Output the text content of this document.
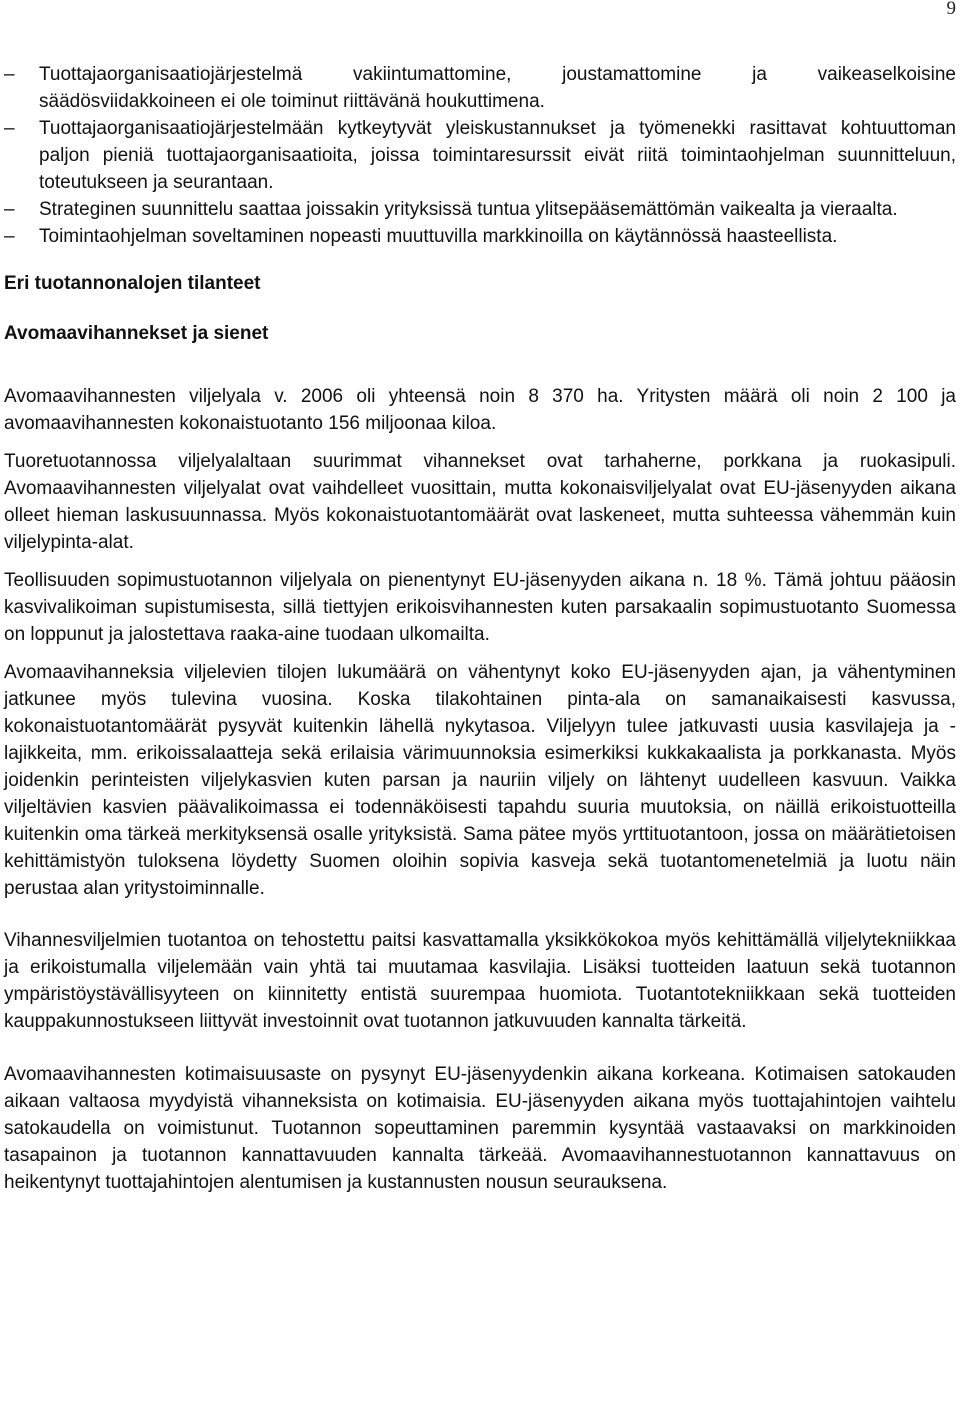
9
– Tuottajaorganisaatiojärjestelmä vakiintumattomine, joustamattomine ja vaikeaselkoisine säädösviidakkoineen ei ole toiminut riittävänä houkuttimena.
– Tuottajaorganisaatiojärjestelmään kytkeytyvät yleiskustannukset ja työmenekki rasittavat kohtuuttoman paljon pieniä tuottajaorganisaatioita, joissa toimintaresurssit eivät riitä toimintaohjelman suunnitteluun, toteutukseen ja seurantaan.
– Strateginen suunnittelu saattaa joissakin yrityksissä tuntua ylitsepääsemättömän vaikealta ja vieraalta.
– Toimintaohjelman soveltaminen nopeasti muuttuvilla markkinoilla on käytännössä haasteellista.
Eri tuotannonalojen tilanteet
Avomaavihannekset ja sienet

Avomaavihannesten viljelyala v. 2006 oli yhteensä noin 8 370 ha. Yritysten määrä oli noin 2 100 ja avomaavihannesten kokonaistuotanto 156 miljoonaa kiloa.

Tuoretuotannossa viljelyalaltaan suurimmat vihannekset ovat tarhaherne, porkkana ja ruokasipuli. Avomaavihannesten viljelyalat ovat vaihdelleet vuosittain, mutta kokonaisviljelyalat ovat EU-jäsenyyden aikana olleet hieman laskusuunnassa. Myös kokonaistuotantomäärät ovat laskeneet, mutta suhteessa vähemmän kuin viljelypinta-alat.

Teollisuuden sopimustuotannon viljelyala on pienentynyt EU-jäsenyyden aikana n. 18 %. Tämä johtuu pääosin kasvivalikoiman supistumisesta, sillä tiettyjen erikoisvihannesten kuten parsakaalin sopimustuotanto Suomessa on loppunut ja jalostettava raaka-aine tuodaan ulkomailta.

Avomaavihanneksia viljelevien tilojen lukumäärä on vähentynyt koko EU-jäsenyyden ajan, ja vähentyminen jatkunee myös tulevina vuosina. Koska tilakohtainen pinta-ala on samanaikaisesti kasvussa, kokonaistuotantomäärät pysyvät kuitenkin lähellä nykytasoa. Viljelyyn tulee jatkuvasti uusia kasvilajeja ja -lajikkeita, mm. erikoissalaatteja sekä erilaisia värimuunnoksia esimerkiksi kukkakaalista ja porkkanasta. Myös joidenkin perinteisten viljelykasvien kuten parsan ja nauriin viljely on lähtenyt uudelleen kasvuun. Vaikka viljeltävien kasvien päävalikoimassa ei todennäköisesti tapahdu suuria muutoksia, on näillä erikoistuotteilla kuitenkin oma tärkeä merkityksensä osalle yrityksistä. Sama pätee myös yrttituotantoon, jossa on määrätietoisen kehittämistyön tuloksena löydetty Suomen oloihin sopivia kasveja sekä tuotantomenetelmiä ja luotu näin perustaa alan yritystoiminnalle.

Vihannesviljelmien tuotantoa on tehostettu paitsi kasvattamalla yksikkökokoa myös kehittämällä viljelytekniikkaa ja erikoistumalla viljelemään vain yhtä tai muutamaa kasvilajia. Lisäksi tuotteiden laatuun sekä tuotannon ympäristöystävällisyyteen on kiinnitetty entistä suurempaa huomiota. Tuotantotekniikkaan sekä tuotteiden kauppakunnostukseen liittyvät investoinnit ovat tuotannon jatkuvuuden kannalta tärkeitä.

Avomaavihannesten kotimaisuusaste on pysynyt EU-jäsenyydenkin aikana korkeana. Kotimaisen satokauden aikaan valtaosa myydyistä vihanneksista on kotimaisia. EU-jäsenyyden aikana myös tuottajahintojen vaihtelu satokaudella on voimistunut. Tuotannon sopeuttaminen paremmin kysyntää vastaavaksi on markkinoiden tasapainon ja tuotannon kannattavuuden kannalta tärkeää. Avomaavihannestuotannon kannattavuus on heikentynyt tuottajahintojen alentumisen ja kustannusten nousun seurauksena.
